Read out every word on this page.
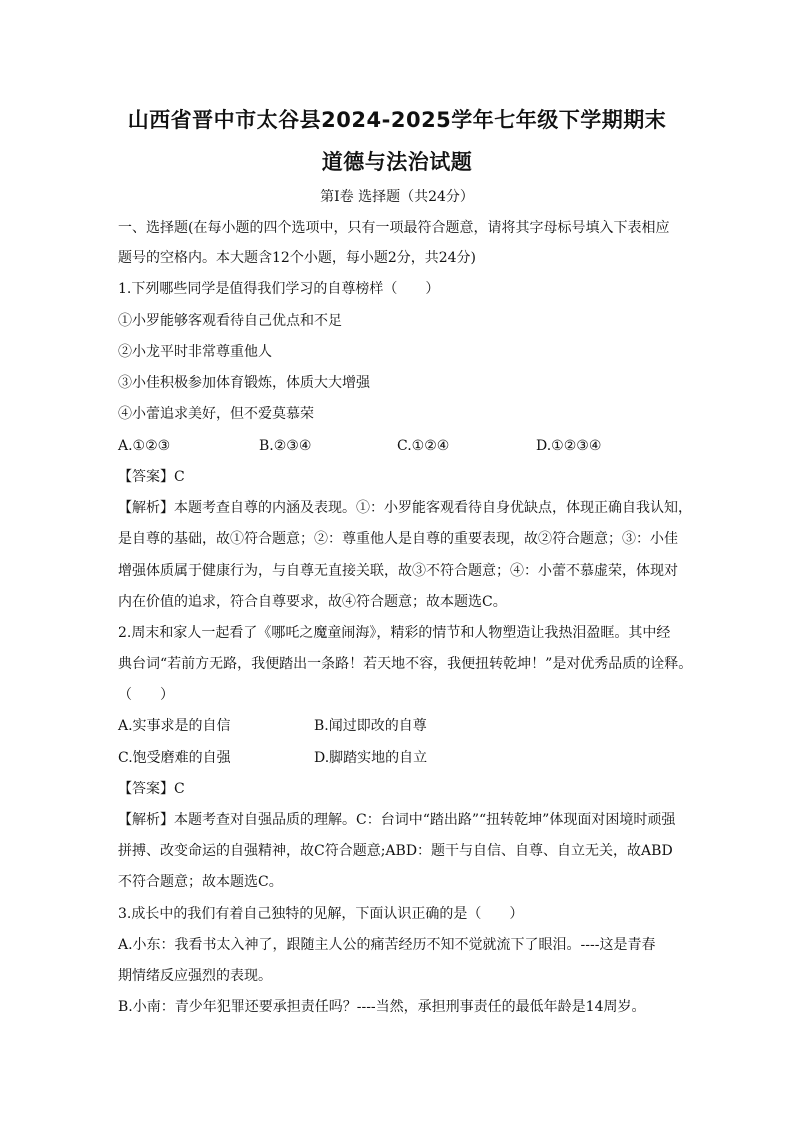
山西省晋中市太谷县2024-2025学年七年级下学期期末
道德与法治试题
第Ⅰ卷 选择题（共24分）
一、选择题(在每小题的四个选项中，只有一项最符合题意，请将其字母标号填入下表相应
题号的空格内。本大题含12个小题，每小题2分，共24分)
1.下列哪些同学是值得我们学习的自尊榜样（　　）
①小罗能够客观看待自己优点和不足
②小龙平时非常尊重他人
③小佳积极参加体育锻炼，体质大大增强
④小蕾追求美好，但不爱莫慕荣
A.①②③	B.②③④	C.①②④	D.①②③④
【答案】C
【解析】本题考查自尊的内涵及表现。①：小罗能客观看待自身优缺点，体现正确自我认知，
是自尊的基础，故①符合题意；②：尊重他人是自尊的重要表现，故②符合题意；③：小佳
增强体质属于健康行为，与自尊无直接关联，故③不符合题意；④：小蕾不慕虚荣，体现对
内在价值的追求，符合自尊要求，故④符合题意；故本题选C。
2.周末和家人一起看了《哪吒之魔童闹海》，精彩的情节和人物塑造让我热泪盈眶。其中经
典台词“若前方无路，我便踏出一条路！若天地不容，我便扭转乾坤！”是对优秀品质的诠释。
（　　）
A.实事求是的自信	B.闻过即改的自尊
C.饱受磨难的自强	D.脚踏实地的自立
【答案】C
【解析】本题考查对自强品质的理解。C：台词中“踏出路”“扭转乾坤”体现面对困境时顽强
拼搏、改变命运的自强精神，故C符合题意;ABD：题干与自信、自尊、自立无关，故ABD
不符合题意；故本题选C。
3.成长中的我们有着自己独特的见解，下面认识正确的是（　　）
A.小东：我看书太入神了，跟随主人公的痛苦经历不知不觉就流下了眼泪。----这是青春
期情绪反应强烈的表现。
B.小南：青少年犯罪还要承担责任吗？----当然，承担刑事责任的最低年龄是14周岁。
